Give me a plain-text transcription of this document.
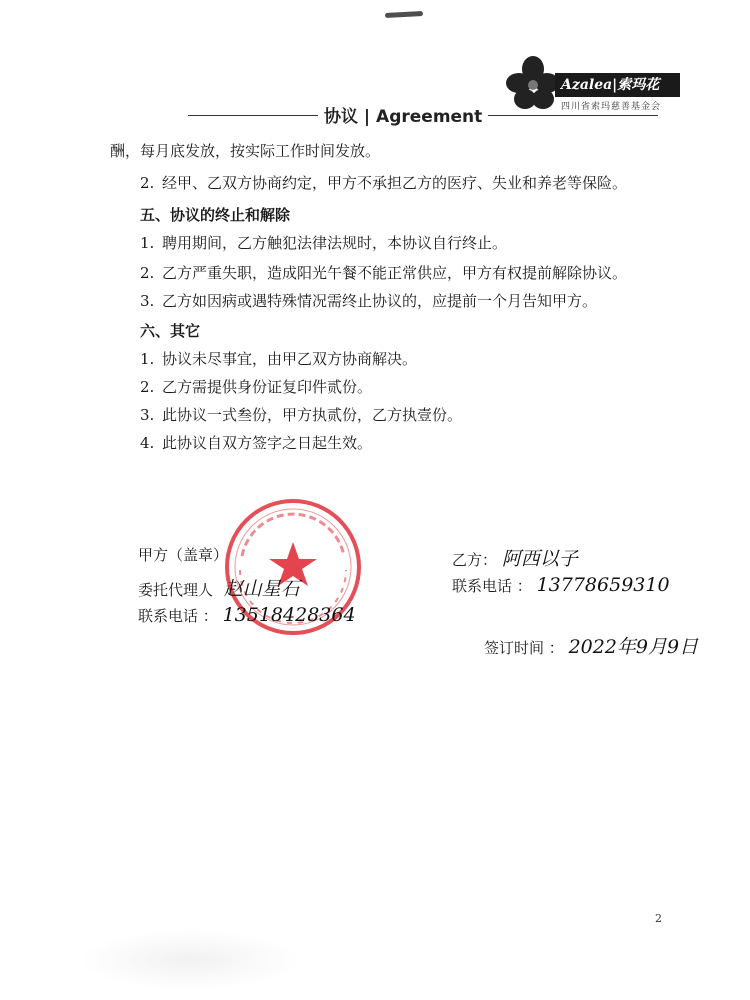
协议 | Agreement
Azalea|索玛花
四川省索玛慈善基金会
酬，每月底发放，按实际工作时间发放。
2. 经甲、乙双方协商约定，甲方不承担乙方的医疗、失业和养老等保险。
五、协议的终止和解除
1. 聘用期间，乙方触犯法律法规时，本协议自行终止。
2. 乙方严重失职，造成阳光午餐不能正常供应，甲方有权提前解除协议。
3. 乙方如因病或遇特殊情况需终止协议的，应提前一个月告知甲方。
六、其它
1. 协议未尽事宜，由甲乙双方协商解决。
2. 乙方需提供身份证复印件贰份。
3. 此协议一式叁份，甲方执贰份，乙方执壹份。
4. 此协议自双方签字之日起生效。
甲方（盖章）
委托代理人 赵山星石
联系电话 ： 13518428364
乙方： 阿西以子
联系电话 ： 13778659310
签订时间 ： 2022年9月9日
2
